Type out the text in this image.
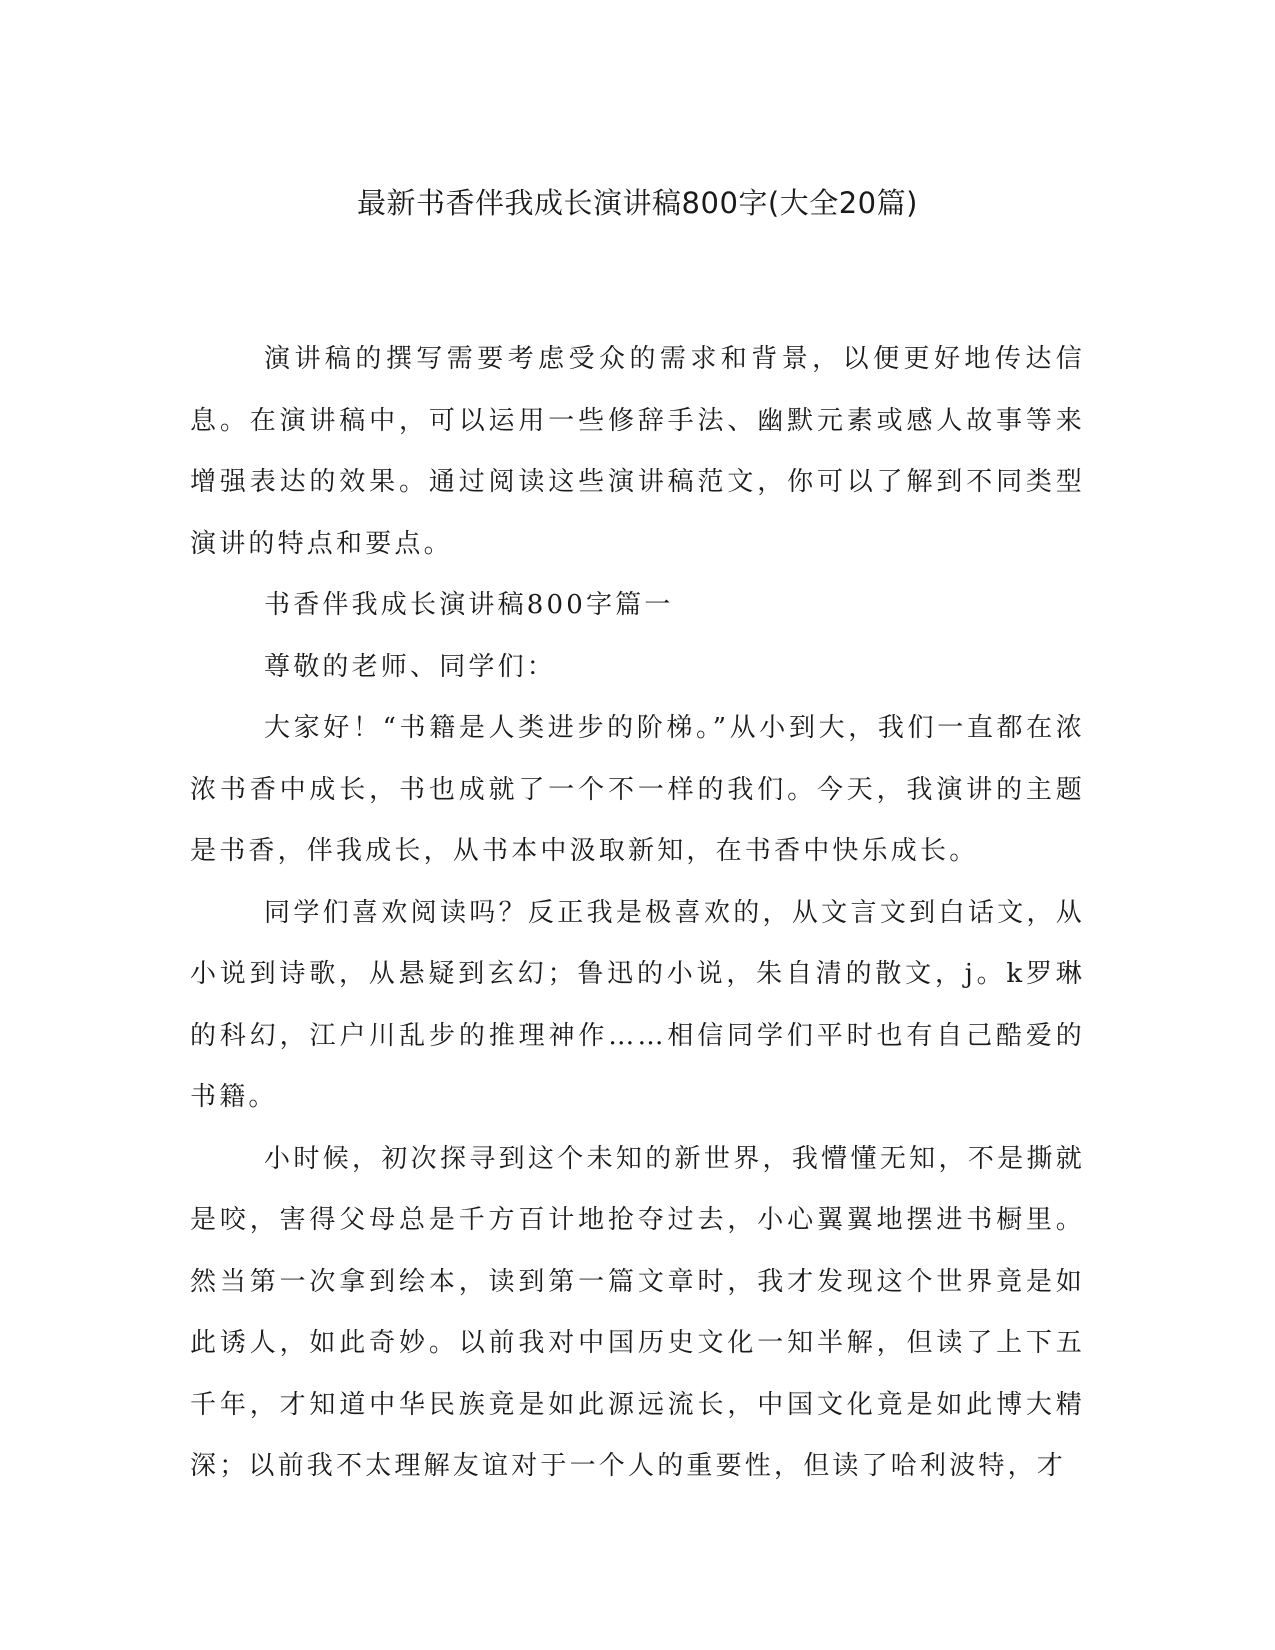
最新书香伴我成长演讲稿800字(大全20篇)

演讲稿的撰写需要考虑受众的需求和背景，以便更好地传达信息。在演讲稿中，可以运用一些修辞手法、幽默元素或感人故事等来增强表达的效果。通过阅读这些演讲稿范文，你可以了解到不同类型演讲的特点和要点。

书香伴我成长演讲稿800字篇一

尊敬的老师、同学们：

大家好！“书籍是人类进步的阶梯。”从小到大，我们一直都在浓浓书香中成长，书也成就了一个不一样的我们。今天，我演讲的主题是书香，伴我成长，从书本中汲取新知，在书香中快乐成长。

同学们喜欢阅读吗？反正我是极喜欢的，从文言文到白话文，从小说到诗歌，从悬疑到玄幻；鲁迅的小说，朱自清的散文，j。k罗琳的科幻，江户川乱步的推理神作……相信同学们平时也有自己酷爱的书籍。

小时候，初次探寻到这个未知的新世界，我懵懂无知，不是撕就是咬，害得父母总是千方百计地抢夺过去，小心翼翼地摆进书橱里。然当第一次拿到绘本，读到第一篇文章时，我才发现这个世界竟是如此诱人，如此奇妙。以前我对中国历史文化一知半解，但读了上下五千年，才知道中华民族竟是如此源远流长，中国文化竟是如此博大精深；以前我不太理解友谊对于一个人的重要性，但读了哈利波特，才
